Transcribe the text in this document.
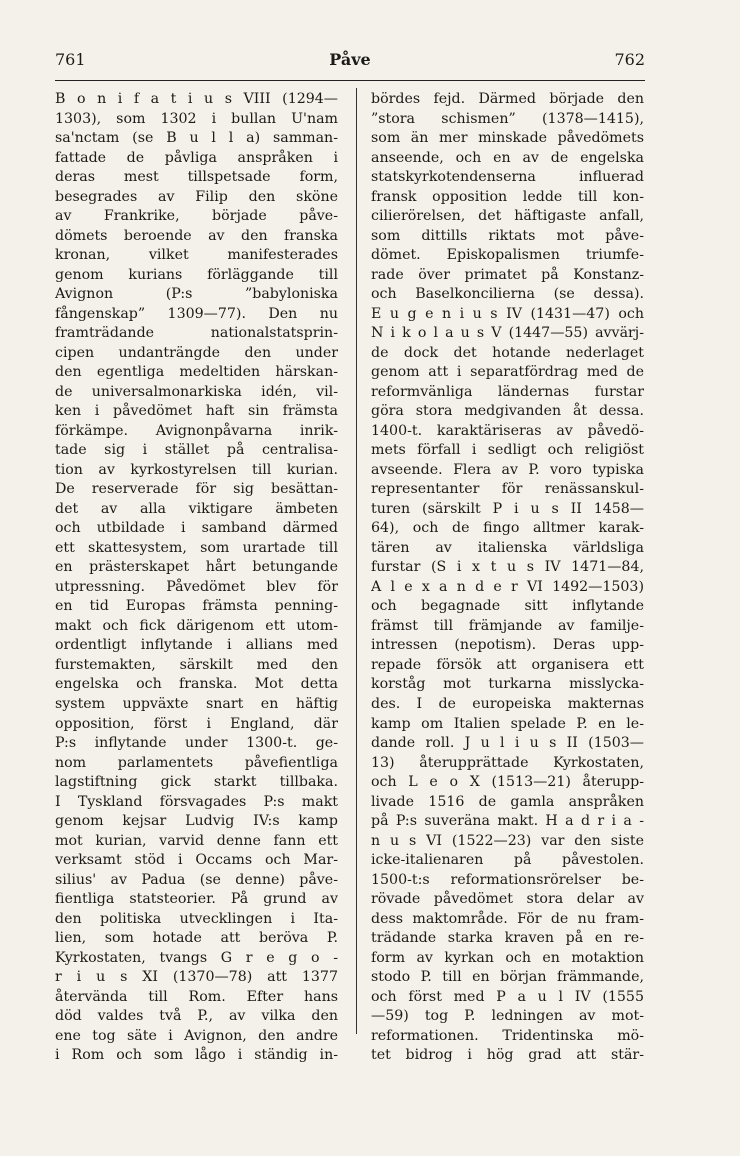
761	Påve	762
B o n i f a t i u s VIII (1294—
1303), som 1302 i bullan U'nam
sa'nctam (se B u l l a) samman-
fattade de påvliga anspråken i
deras mest tillspetsade form,
besegrades av Filip den sköne
av Frankrike, började påve-
dömets beroende av den franska
kronan, vilket manifesterades
genom kurians förläggande till
Avignon (P:s ”babyloniska
fångenskap” 1309—77). Den nu
framträdande nationalstatsprin-
cipen undanträngde den under
den egentliga medeltiden härskan-
de universalmonarkiska idén, vil-
ken i påvedömet haft sin främsta
förkämpe. Avignonpåvarna inrik-
tade sig i stället på centralisa-
tion av kyrkostyrelsen till kurian.
De reserverade för sig besättan-
det av alla viktigare ämbeten
och utbildade i samband därmed
ett skattesystem, som urartade till
en prästerskapet hårt betungande
utpressning. Påvedömet blev för
en tid Europas främsta penning-
makt och fick därigenom ett utom-
ordentligt inflytande i allians med
furstemakten, särskilt med den
engelska och franska. Mot detta
system uppväxte snart en häftig
opposition, först i England, där
P:s inflytande under 1300-t. ge-
nom parlamentets påvefientliga
lagstiftning gick starkt tillbaka.
I Tyskland försvagades P:s makt
genom kejsar Ludvig IV:s kamp
mot kurian, varvid denne fann ett
verksamt stöd i Occams och Mar-
silius' av Padua (se denne) påve-
fientliga statsteorier. På grund av
den politiska utvecklingen i Ita-
lien, som hotade att beröva P.
Kyrkostaten, tvangs G r e g o -
r i u s XI (1370—78) att 1377
återvända till Rom. Efter hans
död valdes två P., av vilka den
ene tog säte i Avignon, den andre
i Rom och som lågo i ständig in-
bördes fejd. Därmed började den
”stora schismen” (1378—1415),
som än mer minskade påvedömets
anseende, och en av de engelska
statskyrkotendenserna influerad
fransk opposition ledde till kon-
cilierörelsen, det häftigaste anfall,
som dittills riktats mot påve-
dömet. Episkopalismen triumfe-
rade över primatet på Konstanz-
och Baselkoncilierna (se dessa).
E u g e n i u s IV (1431—47) och
N i k o l a u s V (1447—55) avvärj-
de dock det hotande nederlaget
genom att i separatfördrag med de
reformvänliga ländernas furstar
göra stora medgivanden åt dessa.
1400-t. karaktäriseras av påvedö-
mets förfall i sedligt och religiöst
avseende. Flera av P. voro typiska
representanter för renässanskul-
turen (särskilt P i u s II 1458—
64), och de fingo alltmer karak-
tären av italienska världsliga
furstar (S i x t u s IV 1471—84,
A l e x a n d e r VI 1492—1503)
och begagnade sitt inflytande
främst till främjande av familje-
intressen (nepotism). Deras upp-
repade försök att organisera ett
korståg mot turkarna misslycka-
des. I de europeiska makternas
kamp om Italien spelade P. en le-
dande roll. J u l i u s II (1503—
13) återupprättade Kyrkostaten,
och L e o X (1513—21) återupp-
livade 1516 de gamla anspråken
på P:s suveräna makt. H a d r i a -
n u s VI (1522—23) var den siste
icke-italienaren på påvestolen.
1500-t:s reformationsrörelser be-
rövade påvedömet stora delar av
dess maktområde. För de nu fram-
trädande starka kraven på en re-
form av kyrkan och en motaktion
stodo P. till en början främmande,
och först med P a u l IV (1555
—59) tog P. ledningen av mot-
reformationen. Tridentinska mö-
tet bidrog i hög grad att stär-
